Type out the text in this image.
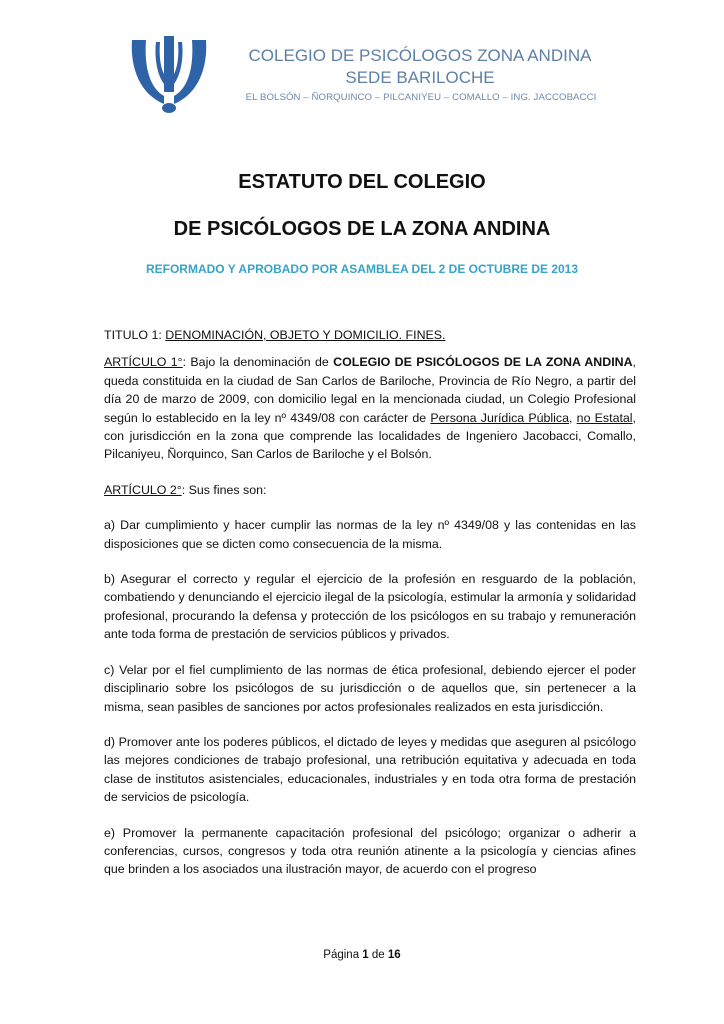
COLEGIO DE PSICÓLOGOS ZONA ANDINA
SEDE BARILOCHE
EL BOLSÓN – ÑORQUINCO – PILCANIYEU – COMALLO – ING. JACCOBACCI
ESTATUTO DEL COLEGIO
DE PSICÓLOGOS DE LA ZONA ANDINA
REFORMADO Y APROBADO POR ASAMBLEA DEL 2 DE OCTUBRE DE 2013

TITULO 1: DENOMINACIÓN, OBJETO Y DOMICILIO. FINES.

ARTÍCULO 1°: Bajo la denominación de COLEGIO DE PSICÓLOGOS DE LA ZONA ANDINA, queda constituida en la ciudad de San Carlos de Bariloche, Provincia de Río Negro, a partir del día 20 de marzo de 2009, con domicilio legal en la mencionada ciudad, un Colegio Profesional según lo establecido en la ley nº 4349/08 con carácter de Persona Jurídica Pública, no Estatal, con jurisdicción en la zona que comprende las localidades de Ingeniero Jacobacci, Comallo, Pilcaniyeu, Ñorquinco, San Carlos de Bariloche y el Bolsón.

ARTÍCULO 2°: Sus fines son:

a) Dar cumplimiento y hacer cumplir las normas de la ley nº 4349/08 y las contenidas en las disposiciones que se dicten como consecuencia de la misma.

b) Asegurar el correcto y regular el ejercicio de la profesión en resguardo de la población, combatiendo y denunciando el ejercicio ilegal de la psicología, estimular la armonía y solidaridad profesional, procurando la defensa y protección de los psicólogos en su trabajo y remuneración ante toda forma de prestación de servicios públicos y privados.

c) Velar por el fiel cumplimiento de las normas de ética profesional, debiendo ejercer el poder disciplinario sobre los psicólogos de su jurisdicción o de aquellos que, sin pertenecer a la misma, sean pasibles de sanciones por actos profesionales realizados en esta jurisdicción.

d) Promover ante los poderes públicos, el dictado de leyes y medidas que aseguren al psicólogo las mejores condiciones de trabajo profesional, una retribución equitativa y adecuada en toda clase de institutos asistenciales, educacionales, industriales y en toda otra forma de prestación de servicios de psicología.

e) Promover la permanente capacitación profesional del psicólogo; organizar o adherir a conferencias, cursos, congresos y toda otra reunión atinente a la psicología y ciencias afines que brinden a los asociados una ilustración mayor, de acuerdo con el progreso

Página 1 de 16
